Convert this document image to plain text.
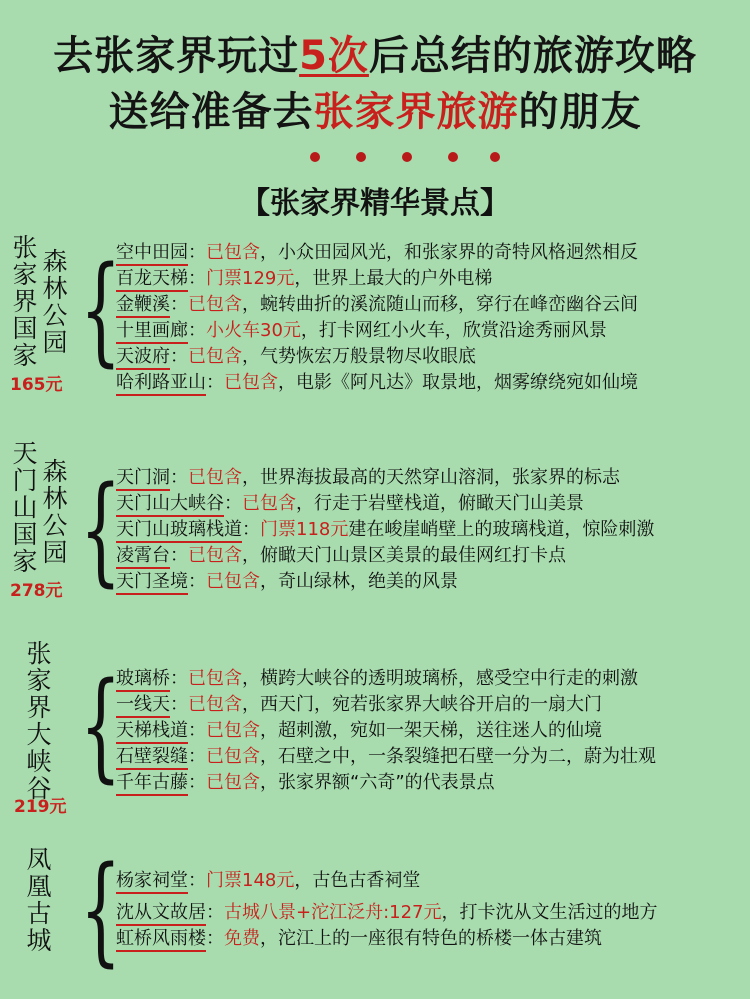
去张家界玩过5次后总结的旅游攻略
送给准备去张家界旅游的朋友
【张家界精华景点】
张家界国家
森林公园
165元
{
空中田园：已包含，小众田园风光，和张家界的奇特风格迥然相反
百龙天梯：门票129元，世界上最大的户外电梯
金鞭溪：已包含，蜿转曲折的溪流随山而移，穿行在峰峦幽谷云间
十里画廊：小火车30元，打卡网红小火车，欣赏沿途秀丽风景
天波府：已包含，气势恢宏万般景物尽收眼底
哈利路亚山：已包含，电影《阿凡达》取景地，烟雾缭绕宛如仙境
天门山国家
森林公园
278元 {
天门洞：已包含，世界海拔最高的天然穿山溶洞，张家界的标志
天门山大峡谷：已包含，行走于岩壁栈道，俯瞰天门山美景
天门山玻璃栈道：门票118元建在峻崖峭壁上的玻璃栈道，惊险刺激
凌霄台：已包含，俯瞰天门山景区美景的最佳网红打卡点
天门圣境：已包含，奇山绿林，绝美的风景
张家界大峡谷
219元
{
玻璃桥：已包含，横跨大峡谷的透明玻璃桥，感受空中行走的刺激
一线天：已包含，西天门，宛若张家界大峡谷开启的一扇大门
天梯栈道：已包含，超刺激，宛如一架天梯，送往迷人的仙境
石壁裂缝：已包含，石壁之中，一条裂缝把石壁一分为二，蔚为壮观
千年古藤：已包含，张家界额“六奇”的代表景点
凤凰古城 {
杨家祠堂：门票148元，古色古香祠堂
沈从文故居：古城八景+沱江泛舟:127元，打卡沈从文生活过的地方
虹桥风雨楼：免费，沱江上的一座很有特色的桥楼一体古建筑
